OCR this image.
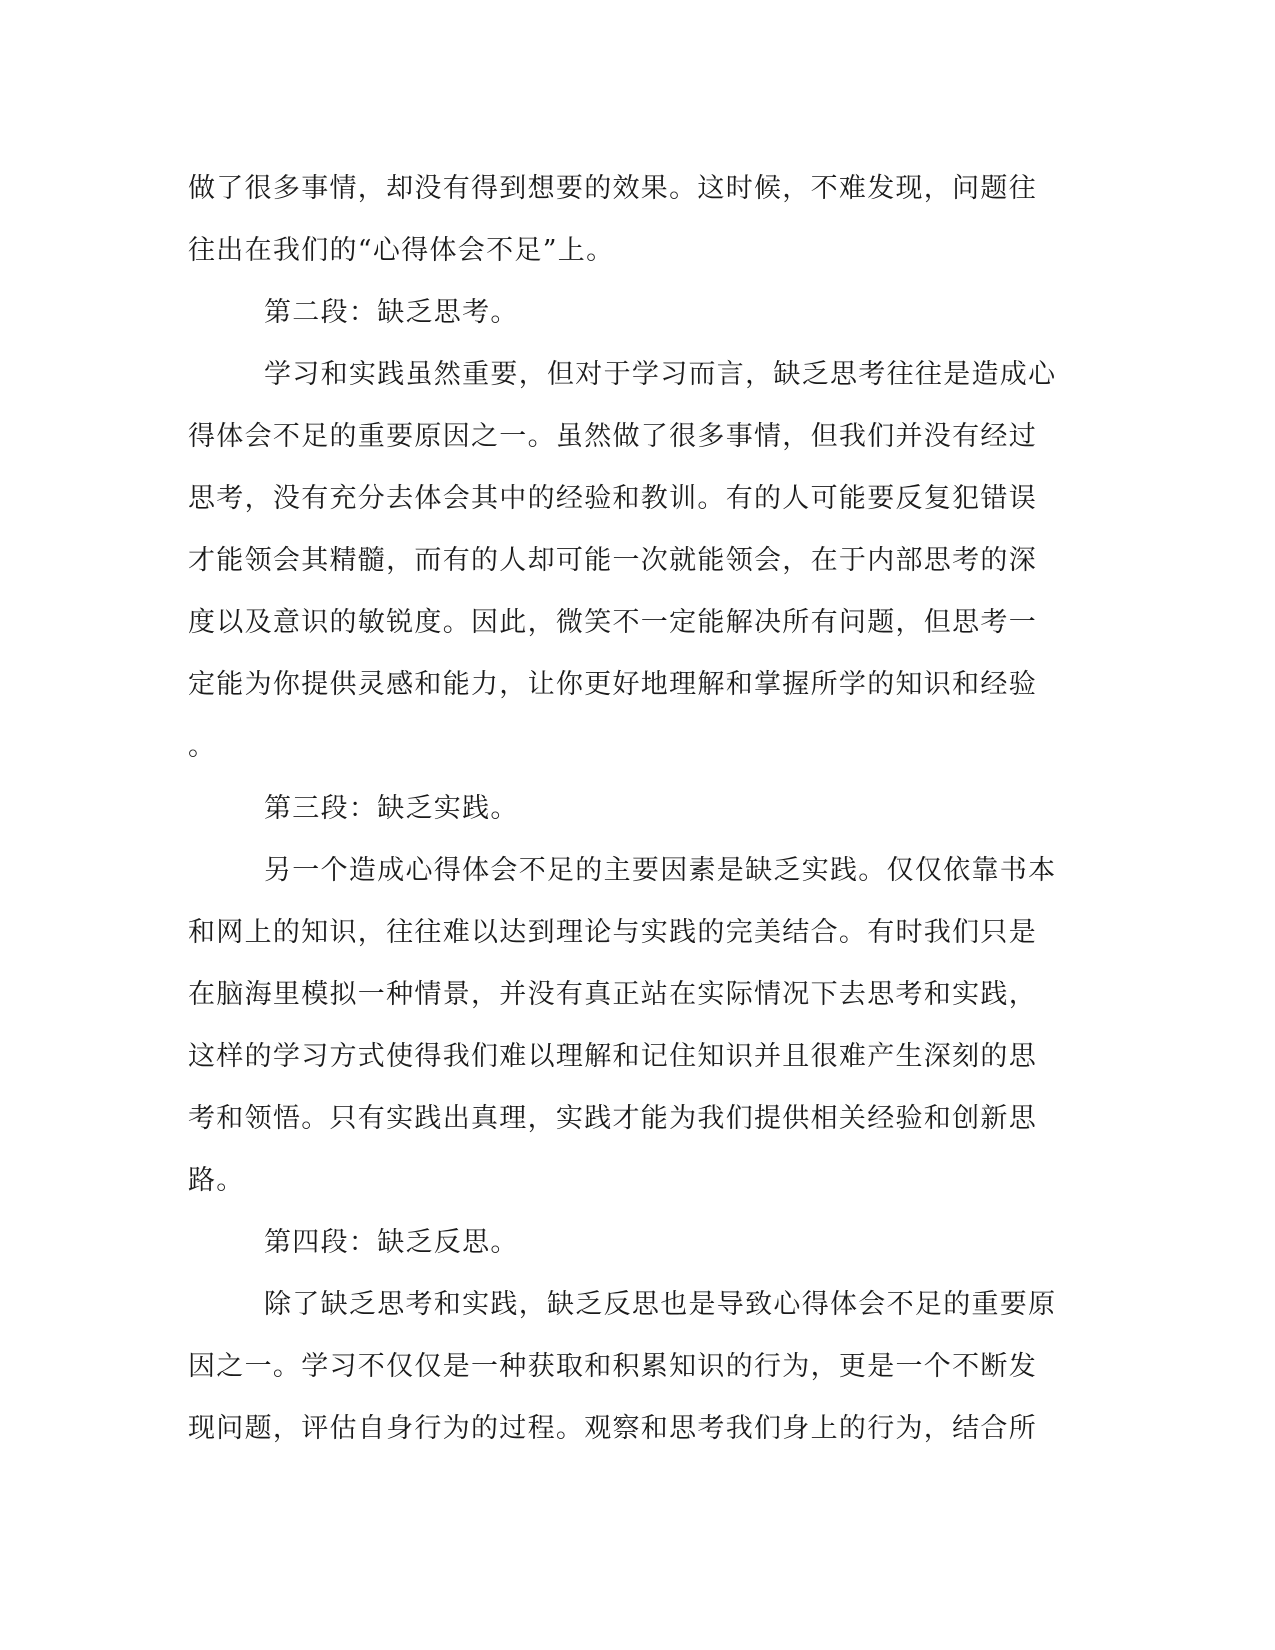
做了很多事情，却没有得到想要的效果。这时候，不难发现，问题往
往出在我们的“心得体会不足”上。
第二段：缺乏思考。
学习和实践虽然重要，但对于学习而言，缺乏思考往往是造成心
得体会不足的重要原因之一。虽然做了很多事情，但我们并没有经过
思考，没有充分去体会其中的经验和教训。有的人可能要反复犯错误
才能领会其精髓，而有的人却可能一次就能领会，在于内部思考的深
度以及意识的敏锐度。因此，微笑不一定能解决所有问题，但思考一
定能为你提供灵感和能力，让你更好地理解和掌握所学的知识和经验
。
第三段：缺乏实践。
另一个造成心得体会不足的主要因素是缺乏实践。仅仅依靠书本
和网上的知识，往往难以达到理论与实践的完美结合。有时我们只是
在脑海里模拟一种情景，并没有真正站在实际情况下去思考和实践，
这样的学习方式使得我们难以理解和记住知识并且很难产生深刻的思
考和领悟。只有实践出真理，实践才能为我们提供相关经验和创新思
路。
第四段：缺乏反思。
除了缺乏思考和实践，缺乏反思也是导致心得体会不足的重要原
因之一。学习不仅仅是一种获取和积累知识的行为，更是一个不断发
现问题，评估自身行为的过程。观察和思考我们身上的行为，结合所
